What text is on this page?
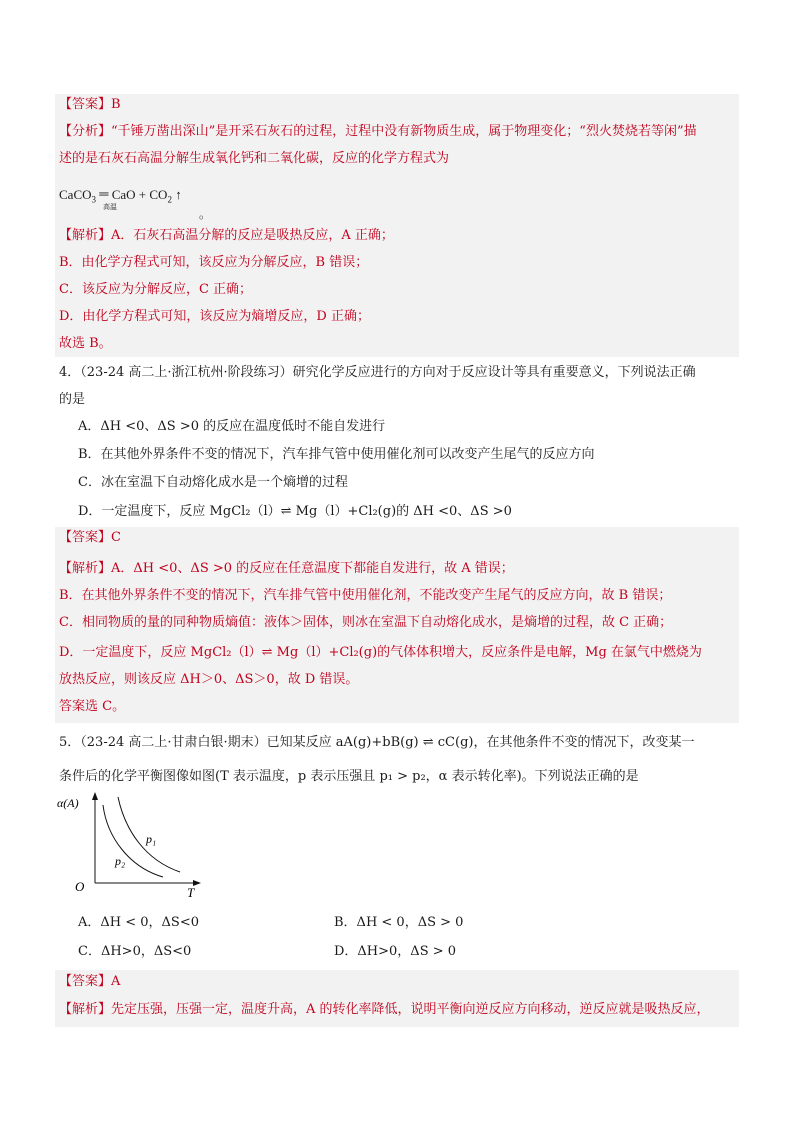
【答案】B
【分析】“千锤万凿出深山”是开采石灰石的过程，过程中没有新物质生成，属于物理变化；“烈火焚烧若等闲”描
述的是石灰石高温分解生成氧化钙和二氧化碳，反应的化学方程式为
CaCO$_3$ ═ CaO + $CO_2$ ↑
高温	。
【解析】A．石灰石高温分解的反应是吸热反应，A 正确；
B．由化学方程式可知，该反应为分解反应，B 错误；
C．该反应为分解反应，C 正确；
D．由化学方程式可知，该反应为熵增反应，D 正确；
故选 B。
4．（23-24 高二上·浙江杭州·阶段练习）研究化学反应进行的方向对于反应设计等具有重要意义，下列说法正确
的是
A．ΔH <0、ΔS >0 的反应在温度低时不能自发进行
B．在其他外界条件不变的情况下，汽车排气管中使用催化剂可以改变产生尾气的反应方向
C．冰在室温下自动熔化成水是一个熵增的过程
D．一定温度下，反应 MgCl₂（l）⇌ Mg（l）+Cl₂(g)的 ΔH <0、ΔS >0
【答案】C
【解析】A．ΔH <0、ΔS >0 的反应在任意温度下都能自发进行，故 A 错误；
B．在其他外界条件不变的情况下，汽车排气管中使用催化剂，不能改变产生尾气的反应方向，故 B 错误；
C．相同物质的量的同种物质熵值：液体＞固体，则冰在室温下自动熔化成水，是熵增的过程，故 C 正确；
D．一定温度下，反应 MgCl₂（l）⇌ Mg（l）+Cl₂(g)的气体体积增大，反应条件是电解，Mg 在氯气中燃烧为
放热反应，则该反应 ΔH＞0、ΔS＞0，故 D 错误。
答案选 C。
5．（23-24 高二上·甘肃白银·期末）已知某反应 aA(g)+bB(g) ⇌ cC(g)，在其他条件不变的情况下，改变某一
条件后的化学平衡图像如图(T 表示温度，p 表示压强且 p₁ > p₂，α 表示转化率)。下列说法正确的是
α(A)
p₁
p₂
O	T
A．ΔH < 0，ΔS<0	B．ΔH < 0，ΔS > 0
C．ΔH>0，ΔS<0	D．ΔH>0，ΔS > 0
【答案】A
【解析】先定压强，压强一定，温度升高，A 的转化率降低，说明平衡向逆反应方向移动，逆反应就是吸热反应，
